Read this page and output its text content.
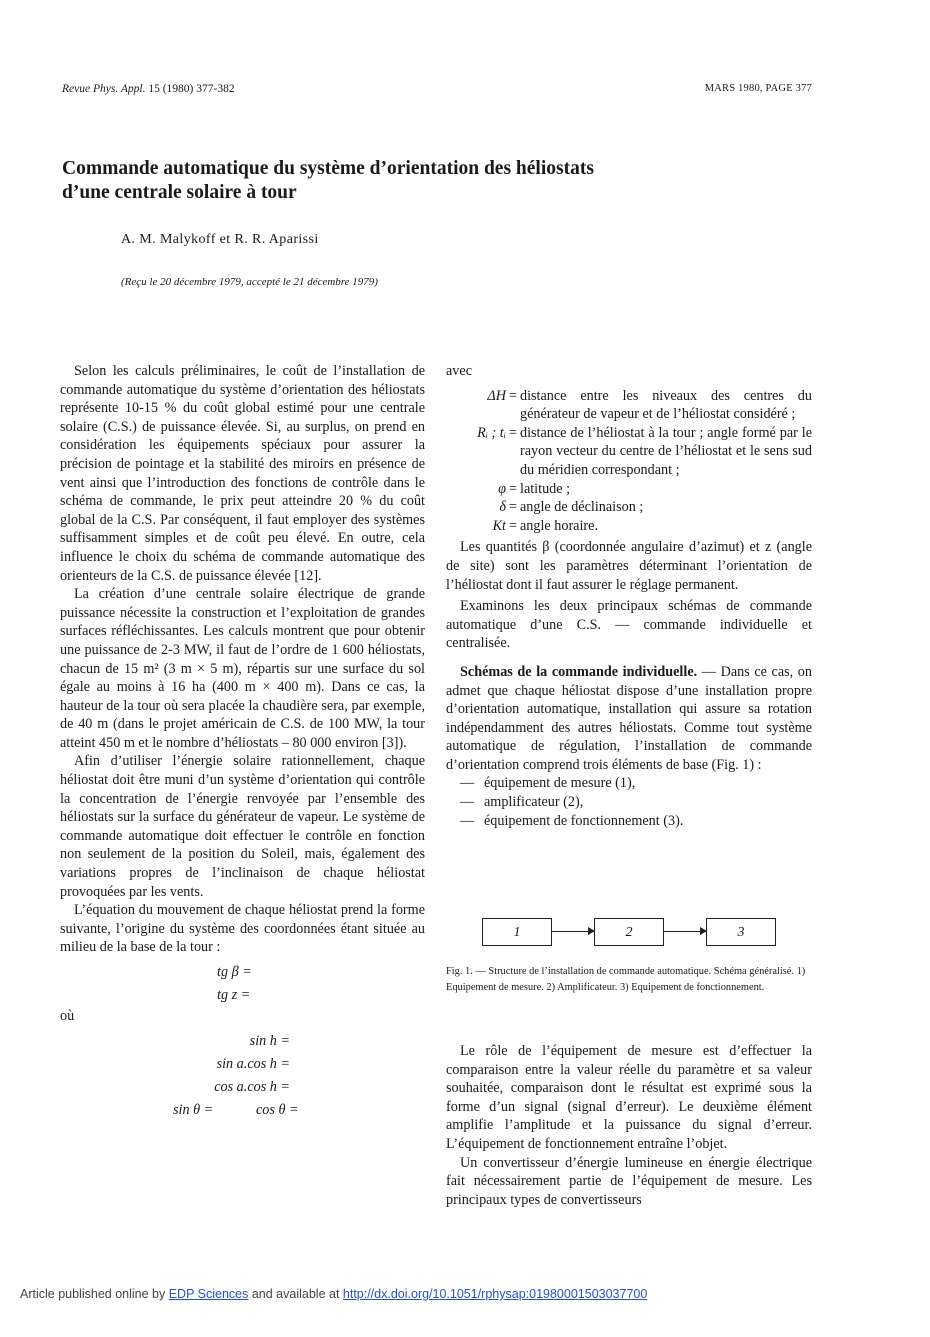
Revue Phys. Appl. 15 (1980) 377-382	MARS 1980, PAGE 377
Commande automatique du système d’orientation des héliostats
d’une centrale solaire à tour
A. M. Malykoff et R. R. Aparissi
(Reçu le 20 décembre 1979, accepté le 21 décembre 1979)

Selon les calculs préliminaires, le coût de l’installation de commande automatique du système d’orientation des héliostats représente 10-15 % du coût global estimé pour une centrale solaire (C.S.) de puissance élevée. Si, au surplus, on prend en considération les équipements spéciaux pour assurer la précision de pointage et la stabilité des miroirs en présence de vent ainsi que l’introduction des fonctions de contrôle dans le schéma de commande, le prix peut atteindre 20 % du coût global de la C.S. Par conséquent, il faut employer des systèmes suffisamment simples et de coût peu élevé. En outre, cela influence le choix du schéma de commande automatique des orienteurs de la C.S. de puissance élevée [12].

La création d’une centrale solaire électrique de grande puissance nécessite la construction et l’exploitation de grandes surfaces réfléchissantes. Les calculs montrent que pour obtenir une puissance de 2-3 MW, il faut de l’ordre de 1 600 héliostats, chacun de 15 m² (3 m × 5 m), répartis sur une surface du sol égale au moins à 16 ha (400 m × 400 m). Dans ce cas, la hauteur de la tour où sera placée la chaudière sera, par exemple, de 40 m (dans le projet américain de C.S. de 100 MW, la tour atteint 450 m et le nombre d’héliostats – 80 000 environ [3]).

Afin d’utiliser l’énergie solaire rationnellement, chaque héliostat doit être muni d’un système d’orientation qui contrôle la concentration de l’énergie renvoyée par l’ensemble des héliostats sur la surface du générateur de vapeur. Le système de commande automatique doit effectuer le contrôle en fonction non seulement de la position du Soleil, mais, également des variations propres de l’inclinaison de chaque héliostat provoquées par les vents.

L’équation du mouvement de chaque héliostat prend la forme suivante, l’origine du système des coordonnées étant située au milieu de la base de la tour :

tg β =
tg z =
où
sin h =
sin a.cos h =
cos a.cos h =
sin θ =	cos θ =

avec

ΔH = distance entre les niveaux des centres du générateur de vapeur et de l’héliostat considéré ;
Rᵢ ; tᵢ = distance de l’héliostat à la tour ; angle formé par le rayon vecteur du centre de l’héliostat et le sens sud du méridien correspondant ;
φ = latitude ;
δ = angle de déclinaison ;
Kt = angle horaire.

Les quantités β (coordonnée angulaire d’azimut) et z (angle de site) sont les paramètres déterminant l’orientation de l’héliostat dont il faut assurer le réglage permanent.

Examinons les deux principaux schémas de commande automatique d’une C.S. — commande individuelle et centralisée.

Schémas de la commande individuelle. — Dans ce cas, on admet que chaque héliostat dispose d’une installation propre d’orientation automatique, installation qui assure sa rotation indépendamment des autres héliostats. Comme tout système automatique de régulation, l’installation de commande d’orientation comprend trois éléments de base (Fig. 1) :

— équipement de mesure (1),
— amplificateur (2),
— équipement de fonctionnement (3).
1	2	3
Fig. 1. — Structure de l’installation de commande automatique. Schéma généralisé. 1) Equipement de mesure. 2) Amplificateur. 3) Equipement de fonctionnement.

Le rôle de l’équipement de mesure est d’effectuer la comparaison entre la valeur réelle du paramètre et sa valeur souhaitée, comparaison dont le résultat est exprimé sous la forme d’un signal (signal d’erreur). Le deuxième élément amplifie l’amplitude et la puissance du signal d’erreur. L’équipement de fonctionnement entraîne l’objet.

Un convertisseur d’énergie lumineuse en énergie électrique fait nécessairement partie de l’équipement de mesure. Les principaux types de convertisseurs

Article published online by EDP Sciences and available at http://dx.doi.org/10.1051/rphysap:01980001503037700
